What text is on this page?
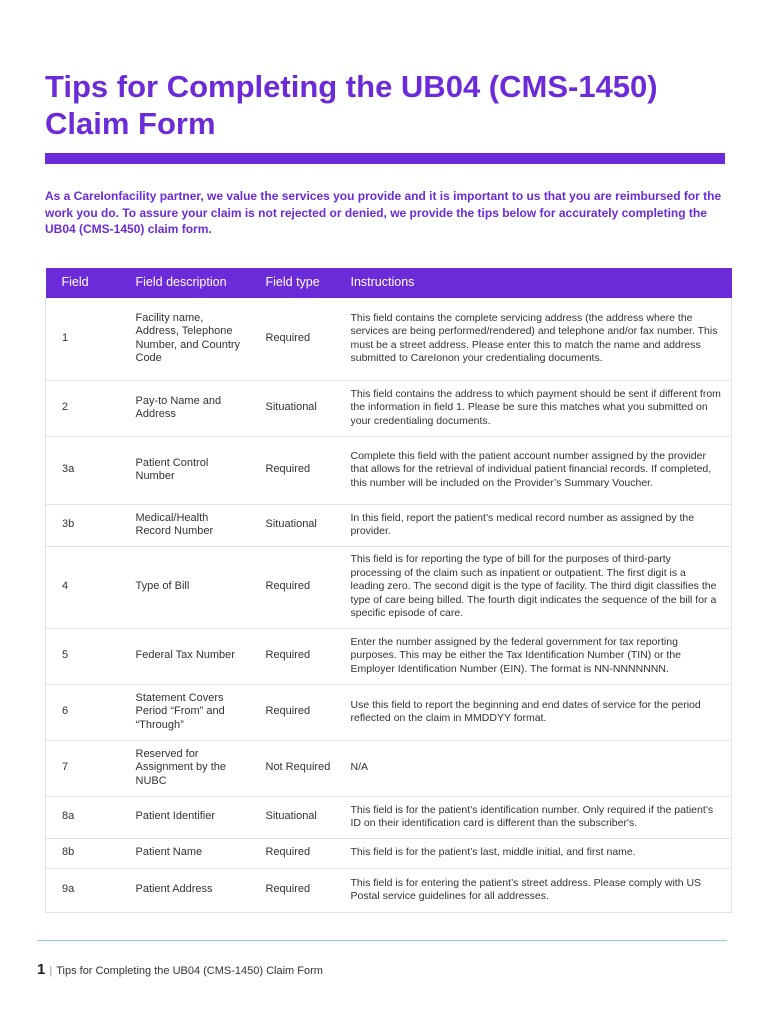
Tips for Completing the UB04 (CMS-1450) Claim Form

As a CareIonfacility partner, we value the services you provide and it is important to us that you are reimbursed for the work you do. To assure your claim is not rejected or denied, we provide the tips below for accurately completing the UB04 (CMS-1450) claim form.

Field	Field description	Field type	Instructions
1	Facility name, Address, Telephone Number, and Country Code	Required	This field contains the complete servicing address (the address where the services are being performed/rendered) and telephone and/or fax number. This must be a street address. Please enter this to match the name and address submitted to CareIonon your credentialing documents.
2	Pay-to Name and Address	Situational	This field contains the address to which payment should be sent if different from the information in field 1. Please be sure this matches what you submitted on your credentialing documents.
3a	Patient Control Number	Required	Complete this field with the patient account number assigned by the provider that allows for the retrieval of individual patient financial records. If completed, this number will be included on the Provider’s Summary Voucher.
3b	Medical/Health Record Number	Situational	In this field, report the patient’s medical record number as assigned by the provider.
4	Type of Bill	Required	This field is for reporting the type of bill for the purposes of third-party processing of the claim such as inpatient or outpatient. The first digit is a leading zero. The second digit is the type of facility. The third digit classifies the type of care being billed. The fourth digit indicates the sequence of the bill for a specific episode of care.
5	Federal Tax Number	Required	Enter the number assigned by the federal government for tax reporting purposes. This may be either the Tax Identification Number (TIN) or the Employer Identification Number (EIN). The format is NN-NNNNNNN.
6	Statement Covers Period “From” and “Through”	Required	Use this field to report the beginning and end dates of service for the period reflected on the claim in MMDDYY format.
7	Reserved for Assignment by the NUBC	Not Required	N/A
8a	Patient Identifier	Situational	This field is for the patient’s identification number. Only required if the patient’s ID on their identification card is different than the subscriber's.
8b	Patient Name	Required	This field is for the patient’s last, middle initial, and first name.
9a	Patient Address	Required	This field is for entering the patient’s street address. Please comply with US Postal service guidelines for all addresses.
1 | Tips for Completing the UB04 (CMS-1450) Claim Form
